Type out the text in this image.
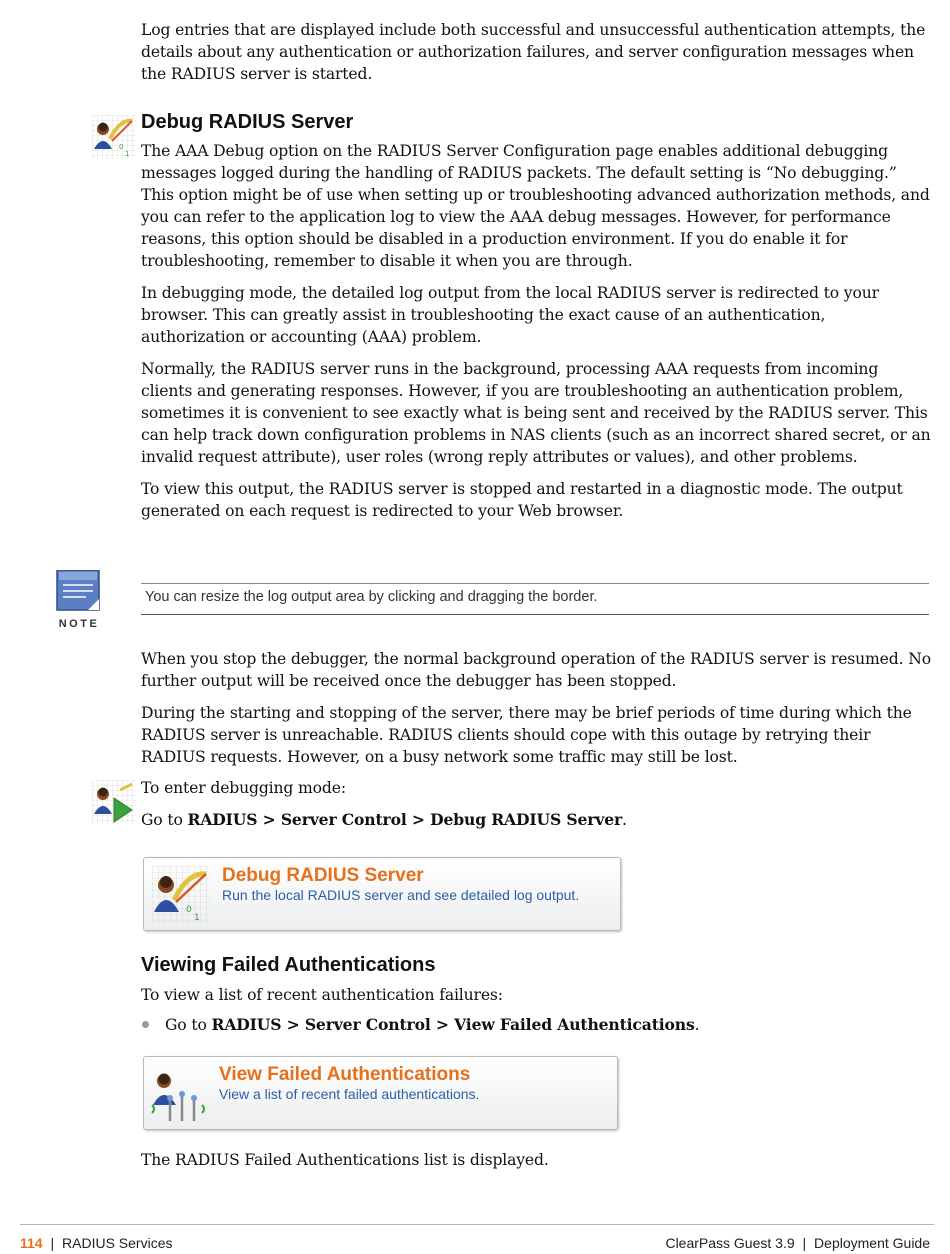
Log entries that are displayed include both successful and unsuccessful authentication attempts, the details about any authentication or authorization failures, and server configuration messages when the RADIUS server is started.

0
1
Debug RADIUS Server

The AAA Debug option on the RADIUS Server Configuration page enables additional debugging messages logged during the handling of RADIUS packets. The default setting is “No debugging.” This option might be of use when setting up or troubleshooting advanced authorization methods, and you can refer to the application log to view the AAA debug messages. However, for performance reasons, this option should be disabled in a production environment. If you do enable it for troubleshooting, remember to disable it when you are through.

In debugging mode, the detailed log output from the local RADIUS server is redirected to your browser. This can greatly assist in troubleshooting the exact cause of an authentication, authorization or accounting (AAA) problem.

Normally, the RADIUS server runs in the background, processing AAA requests from incoming clients and generating responses. However, if you are troubleshooting an authentication problem, sometimes it is convenient to see exactly what is being sent and received by the RADIUS server. This can help track down configuration problems in NAS clients (such as an incorrect shared secret, or an invalid request attribute), user roles (wrong reply attributes or values), and other problems.

To view this output, the RADIUS server is stopped and restarted in a diagnostic mode. The output generated on each request is redirected to your Web browser.

NOTE
You can resize the log output area by clicking and dragging the border.

When you stop the debugger, the normal background operation of the RADIUS server is resumed. No further output will be received once the debugger has been stopped.

During the starting and stopping of the server, there may be brief periods of time during which the RADIUS server is unreachable. RADIUS clients should cope with this outage by retrying their RADIUS requests. However, on a busy network some traffic may still be lost.

To enter debugging mode:

Go to RADIUS > Server Control > Debug RADIUS Server.

0
1
Debug RADIUS Server
Run the local RADIUS server and see detailed log output.
Viewing Failed Authentications

To view a list of recent authentication failures:

Go to RADIUS > Server Control > View Failed Authentications.

View Failed Authentications
View a list of recent failed authentications.

The RADIUS Failed Authentications list is displayed.

114 | RADIUS Services	ClearPass Guest 3.9 | Deployment Guide
